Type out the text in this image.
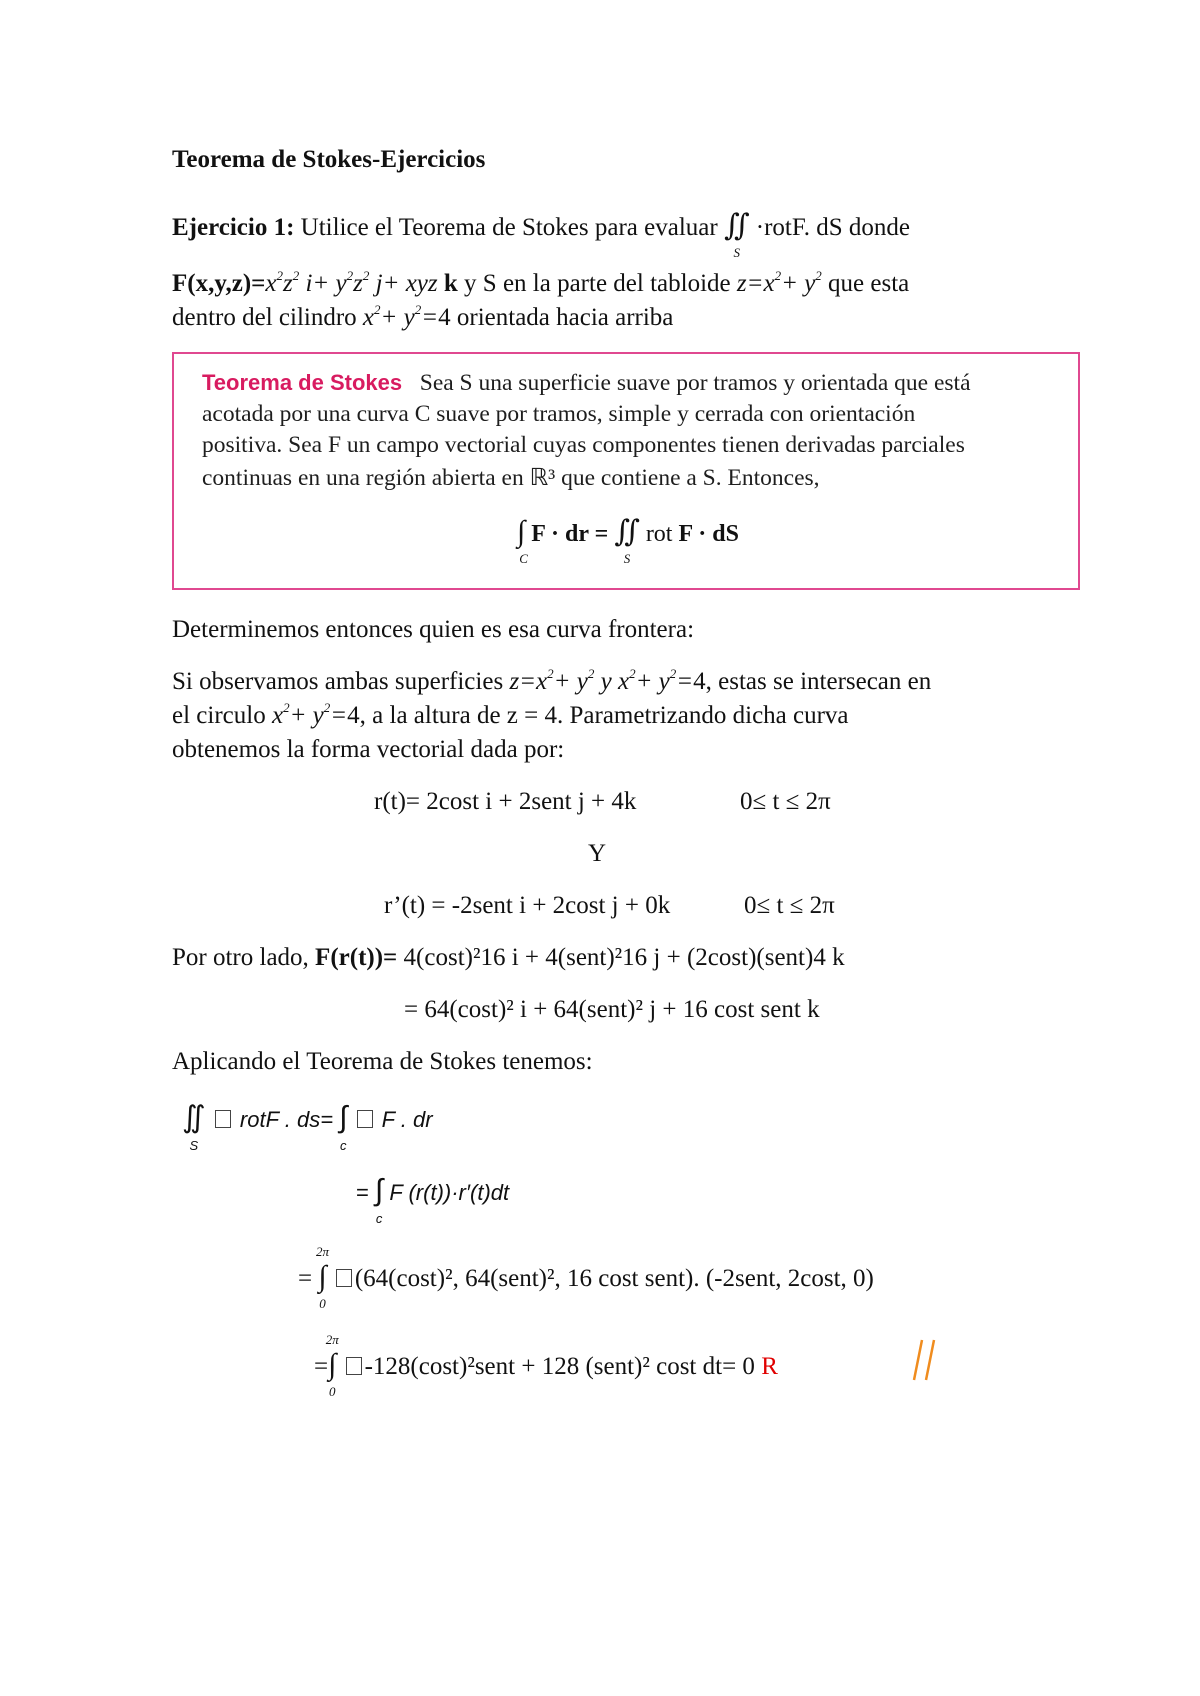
Teorema de Stokes-Ejercicios
Ejercicio 1: Utilice el Teorema de Stokes para evaluar ∬
S
·rotF. dS donde
$F(x,y,z)=x^2z^2$ $i+ y^2z^2$ j+ xyz k y S en la parte del tabloide $z=x^2+ y^2$ que esta
dentro del cilindro $x^2+ y^2=4$ orientada hacia arriba
Teorema de Stokes Sea S una superficie suave por tramos y orientada que está
acotada por una curva C suave por tramos, simple y cerrada con orientación
positiva. Sea F un campo vectorial cuyas componentes tienen derivadas parciales
continuas en una región abierta en ℝ³ que contiene a S. Entonces,
∫
C
F · dr = ∬
S
rot F · dS
Determinemos entonces quien es esa curva frontera:
Si observamos ambas superficies $z=x^2+ y^2$ y $x^2+ y^2=4$, estas se intersecan en
el circulo $x^2+ y^2=4$, a la altura de z = 4. Parametrizando dicha curva
obtenemos la forma vectorial dada por:
r(t)= 2cost i + 2sent j + 4k	0≤ t ≤ 2π
Y
r’(t) = -2sent i + 2cost j + 0k	0≤ t ≤ 2π
Por otro lado, F(r(t))= 4(cost)²16 i + 4(sent)²16 j + (2cost)(sent)4 k
= 64(cost)² i + 64(sent)² j + 16 cost sent k
Aplicando el Teorema de Stokes tenemos:
∬
S
rotF . ds= ∫
c
F . dr
= ∫
c
F (r(t))·r′(t)dt
=
2π
∫
0
(64(cost)², 64(sent)², 16 cost sent). (-2sent, 2cost, 0)
=
2π
∫
0
-128(cost)²sent + 128 (sent)² cost dt= 0 R
